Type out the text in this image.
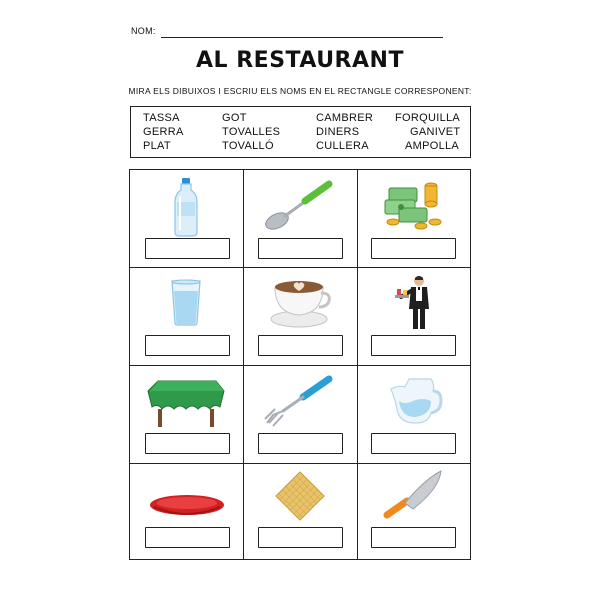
NOM:
AL RESTAURANT
MIRA ELS DIBUIXOS I ESCRIU ELS NOMS EN EL RECTANGLE CORRESPONENT:
TASSA
GERRA
PLAT
GOT
TOVALLES
TOVALLÓ
CAMBRER
DINERS
CULLERA
FORQUILLA
GANIVET
AMPOLLA
